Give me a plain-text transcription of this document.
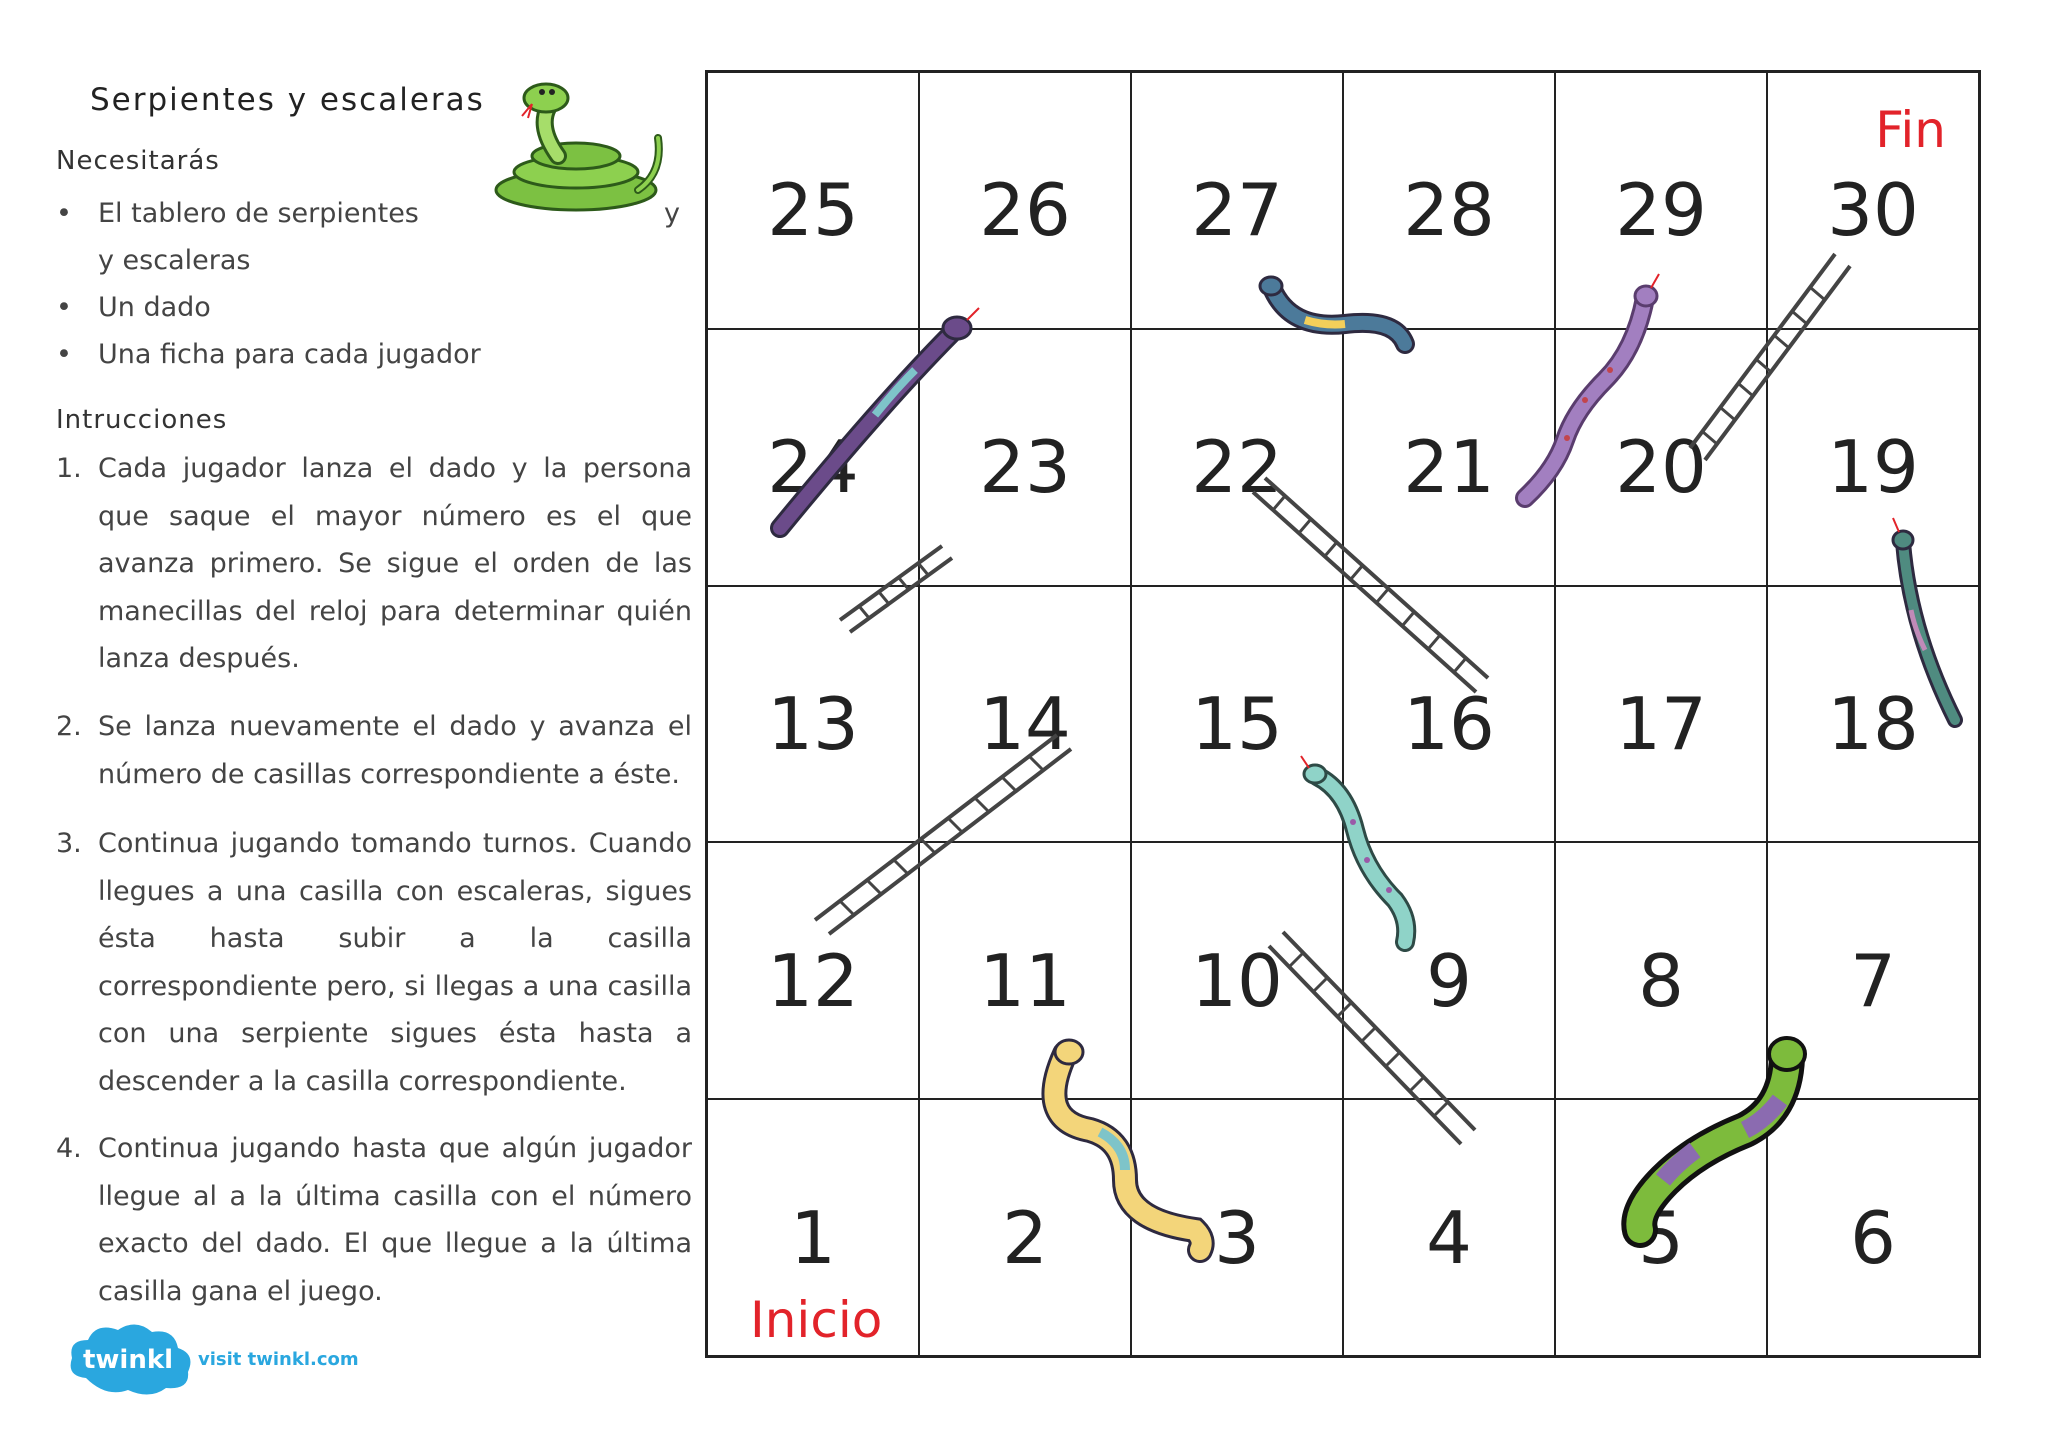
Serpientes y escaleras
Necesitarás
• El tablero de serpientes
y escaleras
y
• Un dado
• Una ficha para cada jugador
Intrucciones
1. Cada jugador lanza el dado y la persona que saque el mayor número es el que avanza primero. Se sigue el orden de las manecillas del reloj para determinar quién lanza después.
2. Se lanza nuevamente el dado y avanza el número de casillas correspondiente a éste.
3. Continua jugando tomando turnos. Cuando llegues a una casilla con escaleras, sigues ésta hasta subir a la casilla correspondiente pero, si llegas a una casilla con una serpiente sigues ésta hasta a descender a la casilla correspondiente.
4. Continua jugando hasta que algún jugador llegue al a la última casilla con el número exacto del dado. El que llegue a la última casilla gana el juego.
twinkl visit twinkl.com
25 26 27 28 29 30
Fin
24 23 22 21 20 19
13 14 15 16 17 18
12 11 10 9 8 7
1
Inicio
2 3 4 5 6
